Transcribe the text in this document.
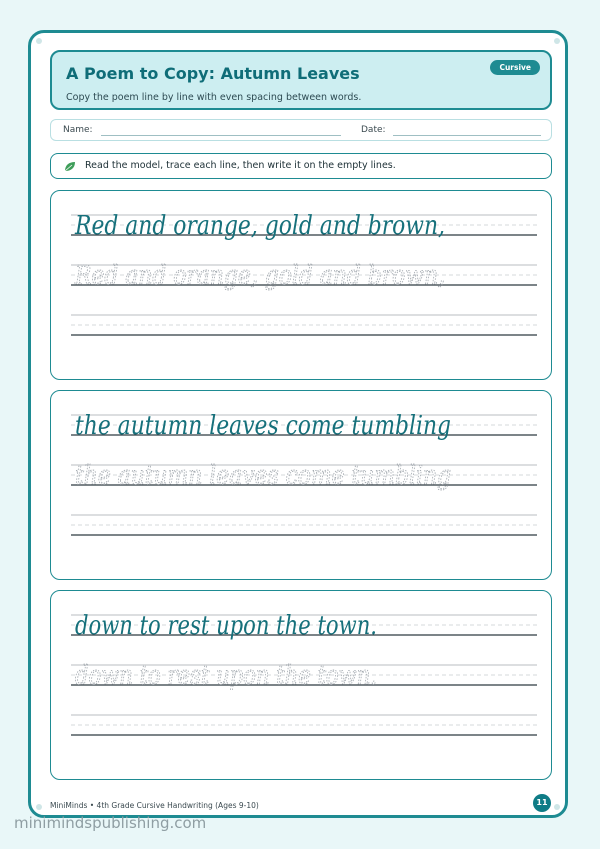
A Poem to Copy: Autumn Leaves
Copy the poem line by line with even spacing between words.
Cursive
Name:	Date:
Read the model, trace each line, then write it on the empty lines.
Red and orange, gold and brown,
Red and orange, gold and brown,
the autumn leaves come tumbling
the autumn leaves come tumbling
down to rest upon the town.
down to rest upon the town.
MiniMinds • 4th Grade Cursive Handwriting (Ages 9-10)	11
minimindspublishing.com
